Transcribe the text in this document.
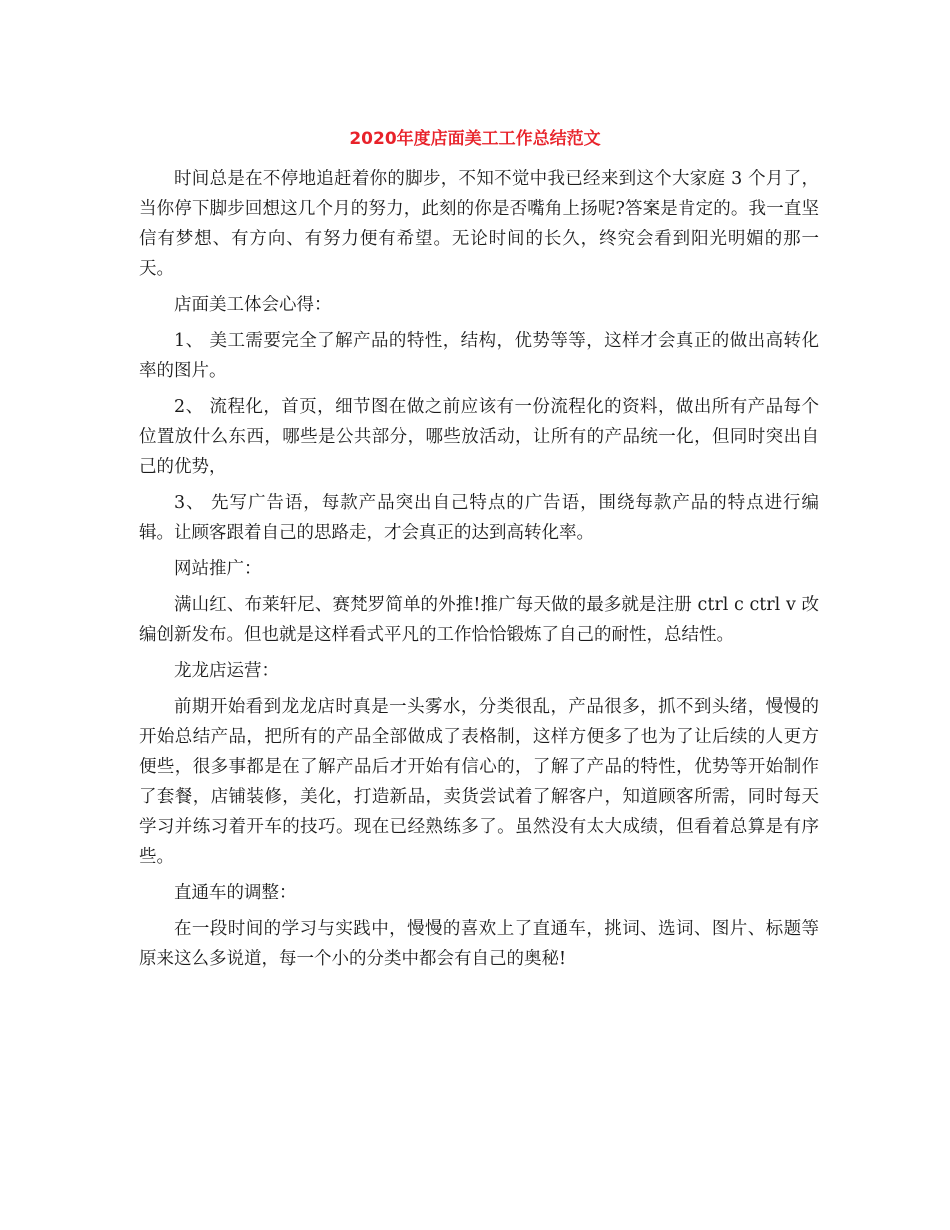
2020年度店面美工工作总结范文

时间总是在不停地追赶着你的脚步，不知不觉中我已经来到这个大家庭 3 个月了，当你停下脚步回想这几个月的努力，此刻的你是否嘴角上扬呢?答案是肯定的。我一直坚信有梦想、有方向、有努力便有希望。无论时间的长久，终究会看到阳光明媚的那一天。

店面美工体会心得：

1、 美工需要完全了解产品的特性，结构，优势等等，这样才会真正的做出高转化率的图片。

2、 流程化，首页，细节图在做之前应该有一份流程化的资料，做出所有产品每个位置放什么东西，哪些是公共部分，哪些放活动，让所有的产品统一化，但同时突出自己的优势，

3、 先写广告语，每款产品突出自己特点的广告语，围绕每款产品的特点进行编辑。让顾客跟着自己的思路走，才会真正的达到高转化率。

网站推广：

满山红、布莱轩尼、赛梵罗简单的外推!推广每天做的最多就是注册 ctrl c ctrl v 改编创新发布。但也就是这样看式平凡的工作恰恰锻炼了自己的耐性，总结性。

龙龙店运营：

前期开始看到龙龙店时真是一头雾水，分类很乱，产品很多，抓不到头绪，慢慢的开始总结产品，把所有的产品全部做成了表格制，这样方便多了也为了让后续的人更方便些，很多事都是在了解产品后才开始有信心的，了解了产品的特性，优势等开始制作了套餐，店铺装修，美化，打造新品，卖货尝试着了解客户，知道顾客所需，同时每天学习并练习着开车的技巧。现在已经熟练多了。虽然没有太大成绩，但看着总算是有序些。

直通车的调整：

在一段时间的学习与实践中，慢慢的喜欢上了直通车，挑词、选词、图片、标题等原来这么多说道，每一个小的分类中都会有自己的奥秘!
